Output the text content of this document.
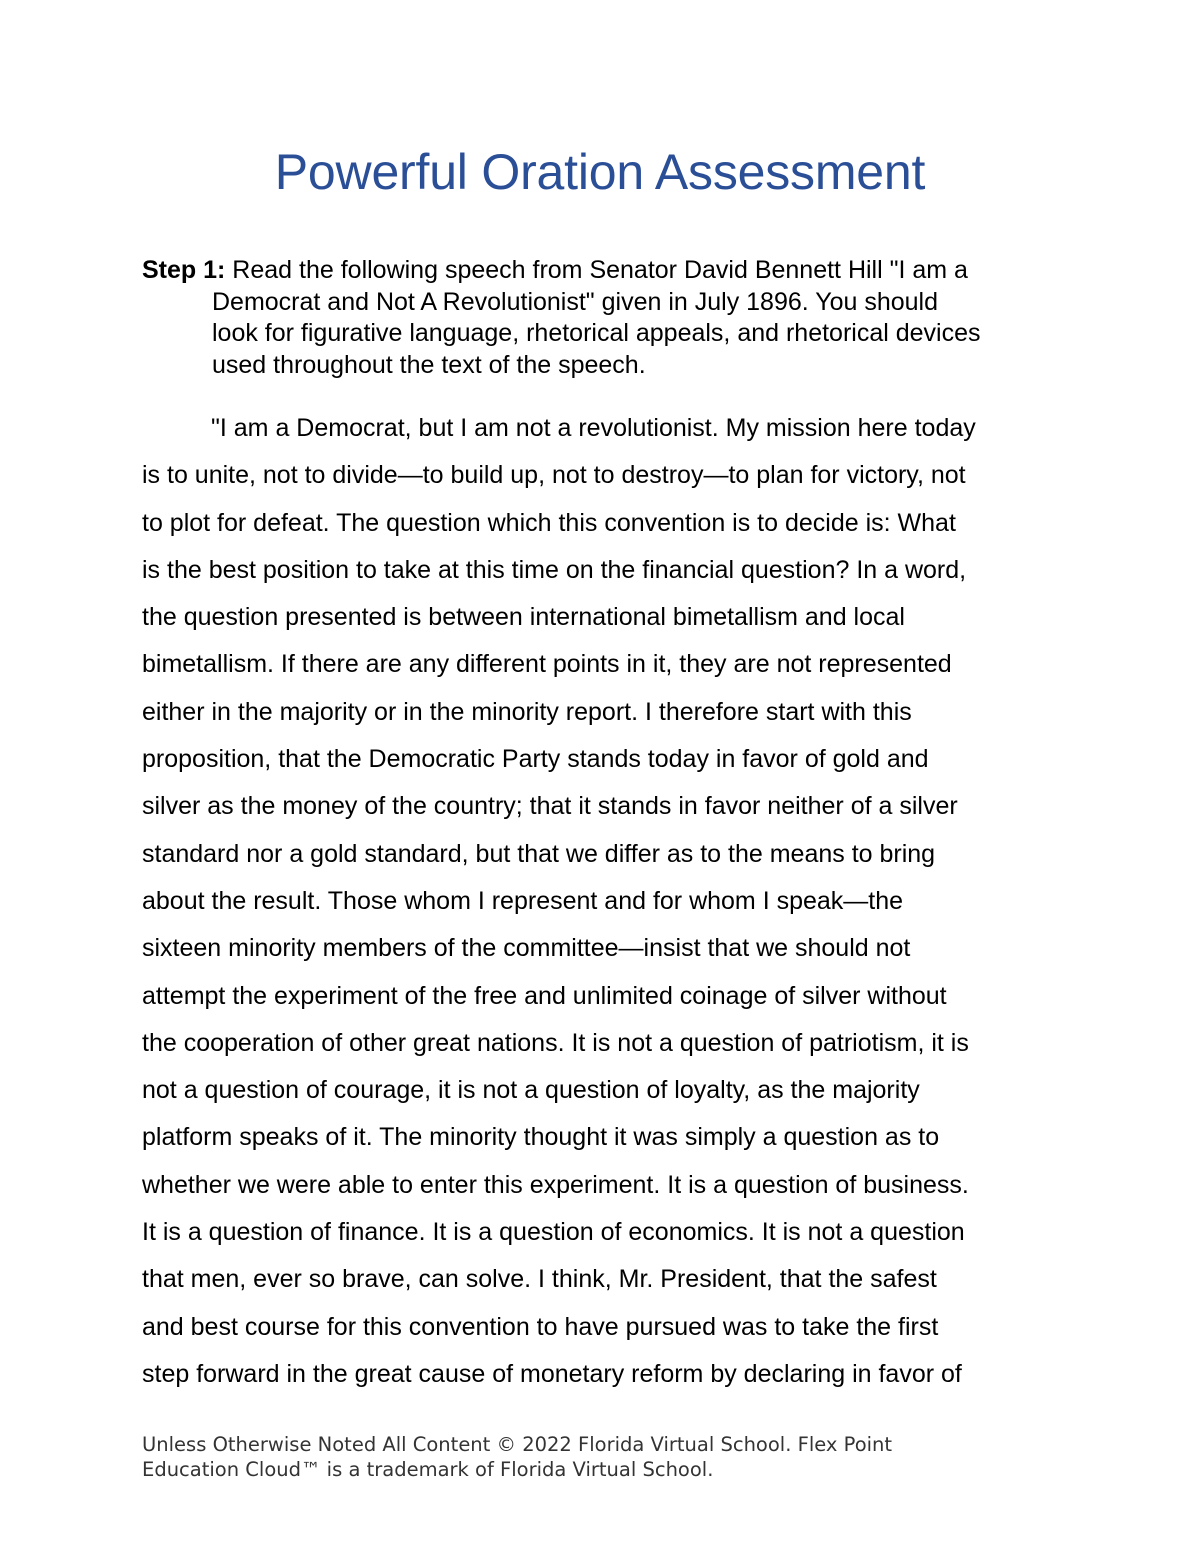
Powerful Oration Assessment
Step 1: Read the following speech from Senator David Bennett Hill "I am a
Democrat and Not A Revolutionist" given in July 1896. You should
look for figurative language, rhetorical appeals, and rhetorical devices
used throughout the text of the speech.
"I am a Democrat, but I am not a revolutionist. My mission here today
is to unite, not to divide—to build up, not to destroy—to plan for victory, not
to plot for defeat. The question which this convention is to decide is: What
is the best position to take at this time on the financial question? In a word,
the question presented is between international bimetallism and local
bimetallism. If there are any different points in it, they are not represented
either in the majority or in the minority report. I therefore start with this
proposition, that the Democratic Party stands today in favor of gold and
silver as the money of the country; that it stands in favor neither of a silver
standard nor a gold standard, but that we differ as to the means to bring
about the result. Those whom I represent and for whom I speak—the
sixteen minority members of the committee—insist that we should not
attempt the experiment of the free and unlimited coinage of silver without
the cooperation of other great nations. It is not a question of patriotism, it is
not a question of courage, it is not a question of loyalty, as the majority
platform speaks of it. The minority thought it was simply a question as to
whether we were able to enter this experiment. It is a question of business.
It is a question of finance. It is a question of economics. It is not a question
that men, ever so brave, can solve. I think, Mr. President, that the safest
and best course for this convention to have pursued was to take the first
step forward in the great cause of monetary reform by declaring in favor of
Unless Otherwise Noted All Content © 2022 Florida Virtual School. Flex Point
Education Cloud™ is a trademark of Florida Virtual School.
